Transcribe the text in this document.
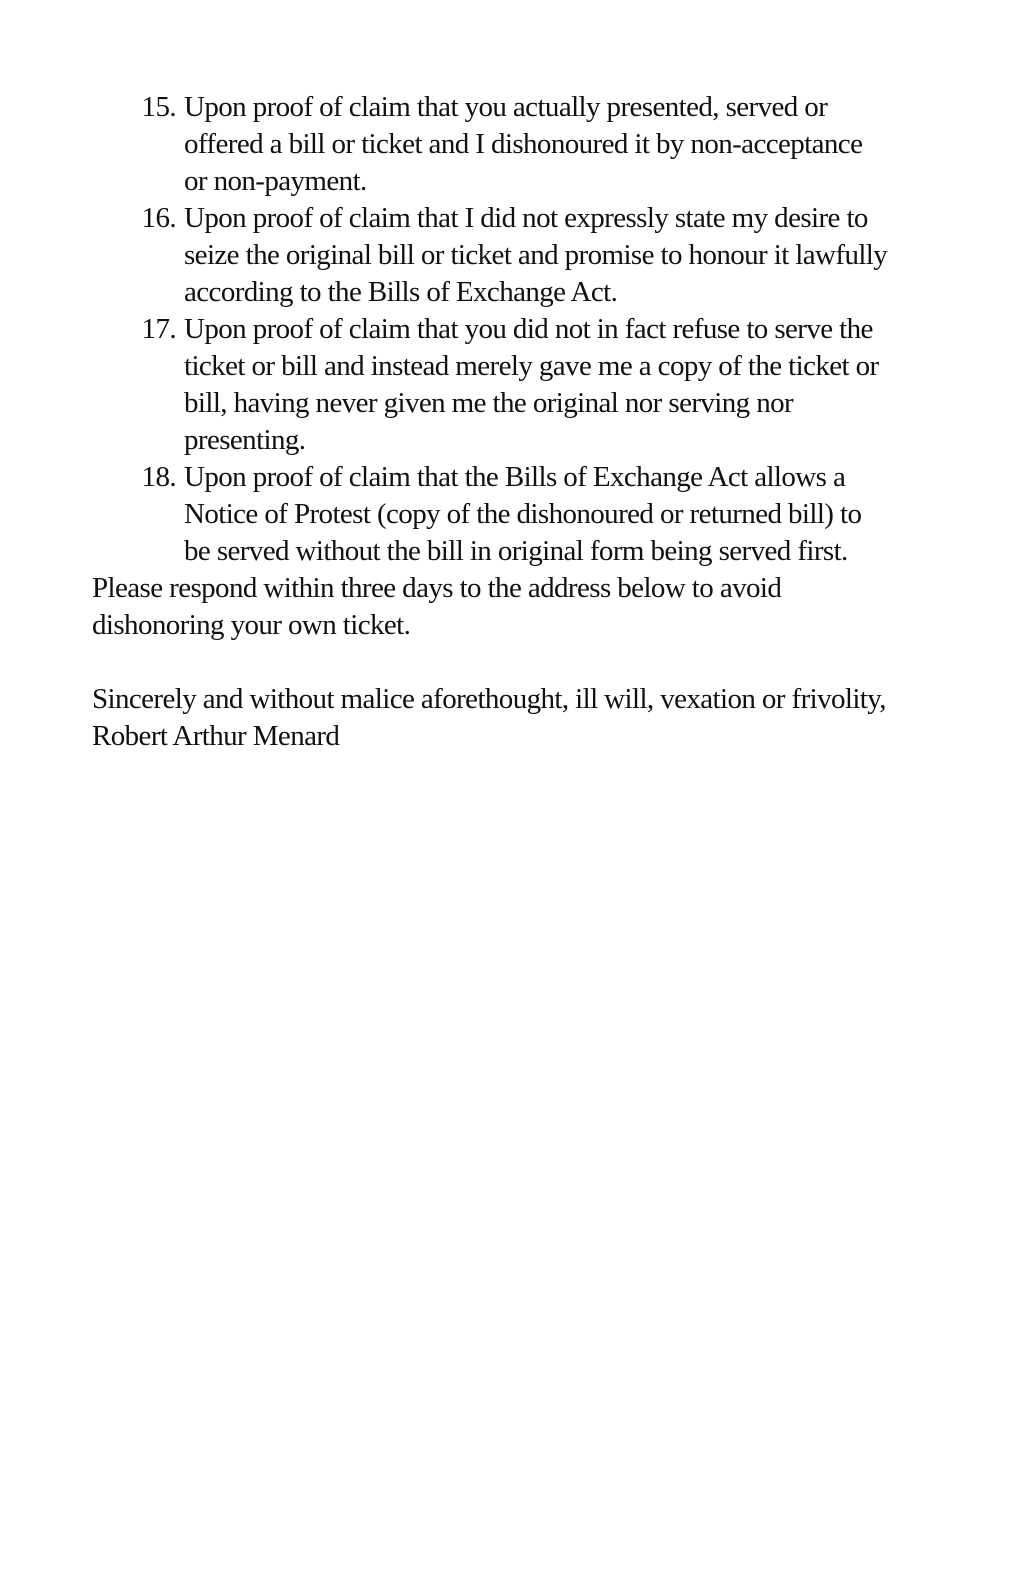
15. Upon proof of claim that you actually presented, served or
offered a bill or ticket and I dishonoured it by non-acceptance
or non-payment.
16. Upon proof of claim that I did not expressly state my desire to
seize the original bill or ticket and promise to honour it lawfully
according to the Bills of Exchange Act.
17. Upon proof of claim that you did not in fact refuse to serve the
ticket or bill and instead merely gave me a copy of the ticket or
bill, having never given me the original nor serving nor
presenting.
18. Upon proof of claim that the Bills of Exchange Act allows a
Notice of Protest (copy of the dishonoured or returned bill) to
be served without the bill in original form being served first.

Please respond within three days to the address below to avoid
dishonoring your own ticket.

Sincerely and without malice aforethought, ill will, vexation or frivolity,
Robert Arthur Menard
